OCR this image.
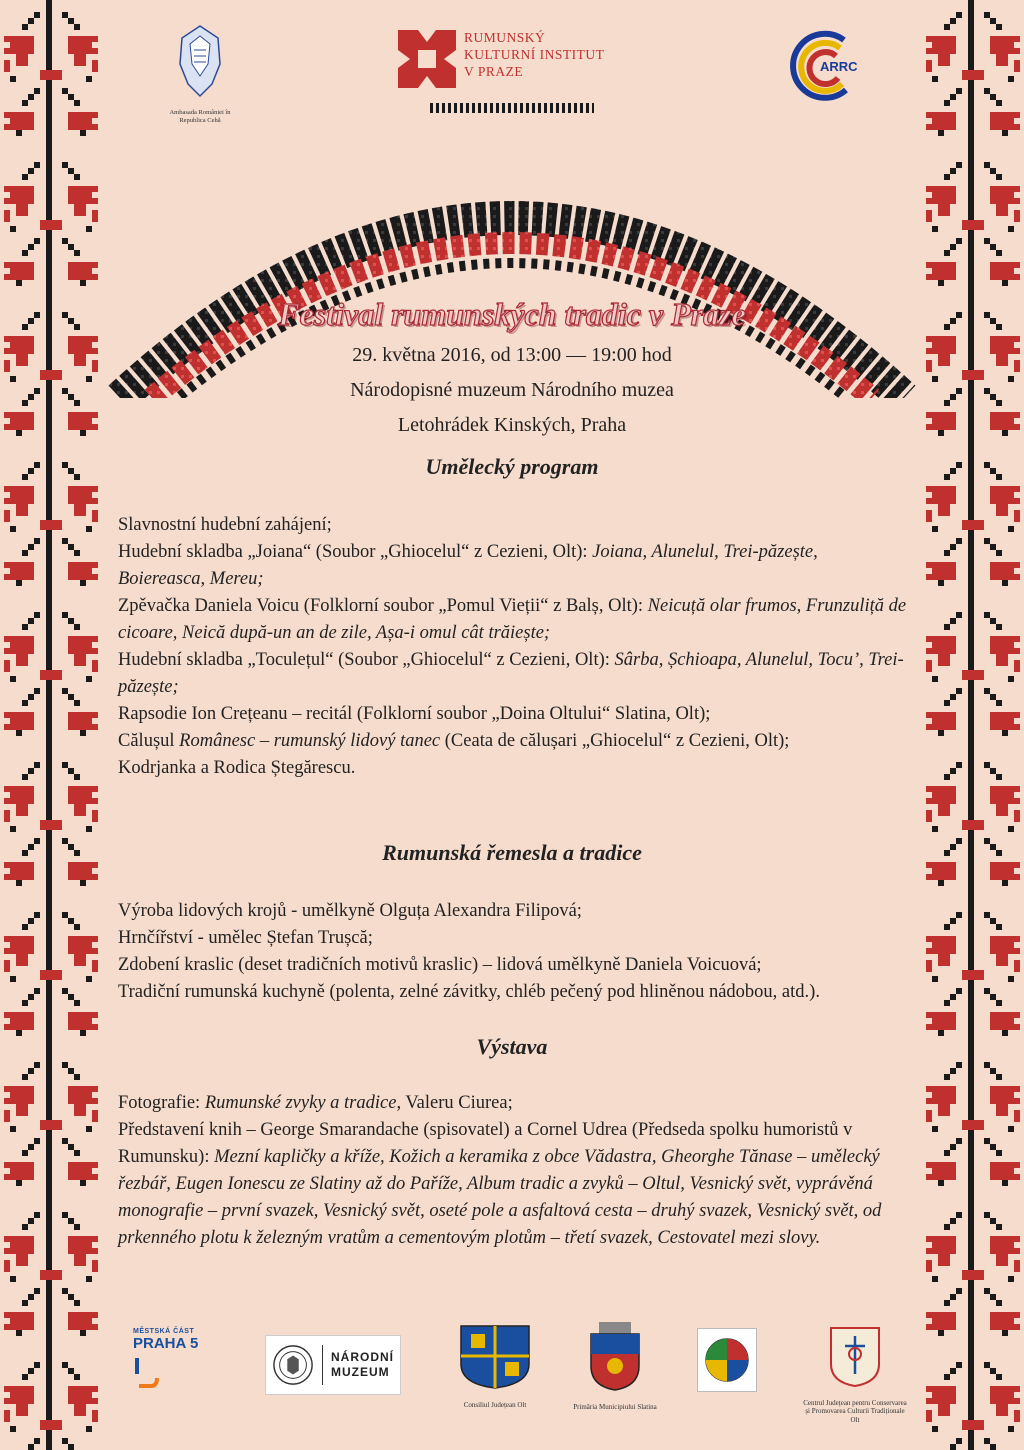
Ambasada României în Republica Cehă
RUMUNSKÝ
KULTURNÍ INSTITUT
V PRAZE	ARRC
Festival rumunských tradic v Praze
29. května 2016, od 13:00 — 19:00 hod
Národopisné muzeum Národního muzea
Letohrádek Kinských, Praha
Umělecký program

Slavnostní hudební zahájení;

Hudební skladba „Joiana“ (Soubor „Ghiocelul“ z Cezieni, Olt): Joiana, Alunelul, Trei-păzește, Boiereasca, Mereu;

Zpěvačka Daniela Voicu (Folklorní soubor „Pomul Vieții“ z Balș, Olt): Neicuță olar frumos, Frunzuliță de cicoare, Neică după-un an de zile, Așa-i omul cât trăiește;

Hudební skladba „Toculețul“ (Soubor „Ghiocelul“ z Cezieni, Olt): Sârba, Șchioapa, Alunelul, Tocu’, Trei-păzește;

Rapsodie Ion Crețeanu – recitál (Folklorní soubor „Doina Oltului“ Slatina, Olt);

Călușul Românesc – rumunský lidový tanec (Ceata de călușari „Ghiocelul“ z Cezieni, Olt);

Kodrjanka a Rodica Ștegărescu.

Rumunská řemesla a tradice

Výroba lidových krojů - umělkyně Olguța Alexandra Filipová;

Hrnčířství - umělec Ștefan Trușcă;

Zdobení kraslic (deset tradičních motivů kraslic) – lidová umělkyně Daniela Voicuová;

Tradiční rumunská kuchyně (polenta, zelné závitky, chléb pečený pod hliněnou nádobou, atd.).

Výstava

Fotografie: Rumunské zvyky a tradice, Valeru Ciurea;

Představení knih – George Smarandache (spisovatel) a Cornel Udrea (Předseda spolku humoristů v Rumunsku): Mezní kapličky a kříže, Kožich a keramika z obce Vădastra, Gheorghe Tănase – umělecký řezbář, Eugen Ionescu ze Slatiny až do Paříže, Album tradic a zvyků – Oltul, Vesnický svět, vyprávěná monografie – první svazek, Vesnický svět, oseté pole a asfaltová cesta – druhý svazek, Vesnický svět, od prkenného plotu k železným vratům a cementovým plotům – třetí svazek, Cestovatel mezi slovy.

MĚSTSKÁ ČÁST
PRAHA 5
NÁRODNÍ
MUZEUM
Consiliul Județean Olt	Primăria Municipiului Slatina	Centrul Județean pentru Conservarea și Promovarea Culturii Tradiționale Olt
